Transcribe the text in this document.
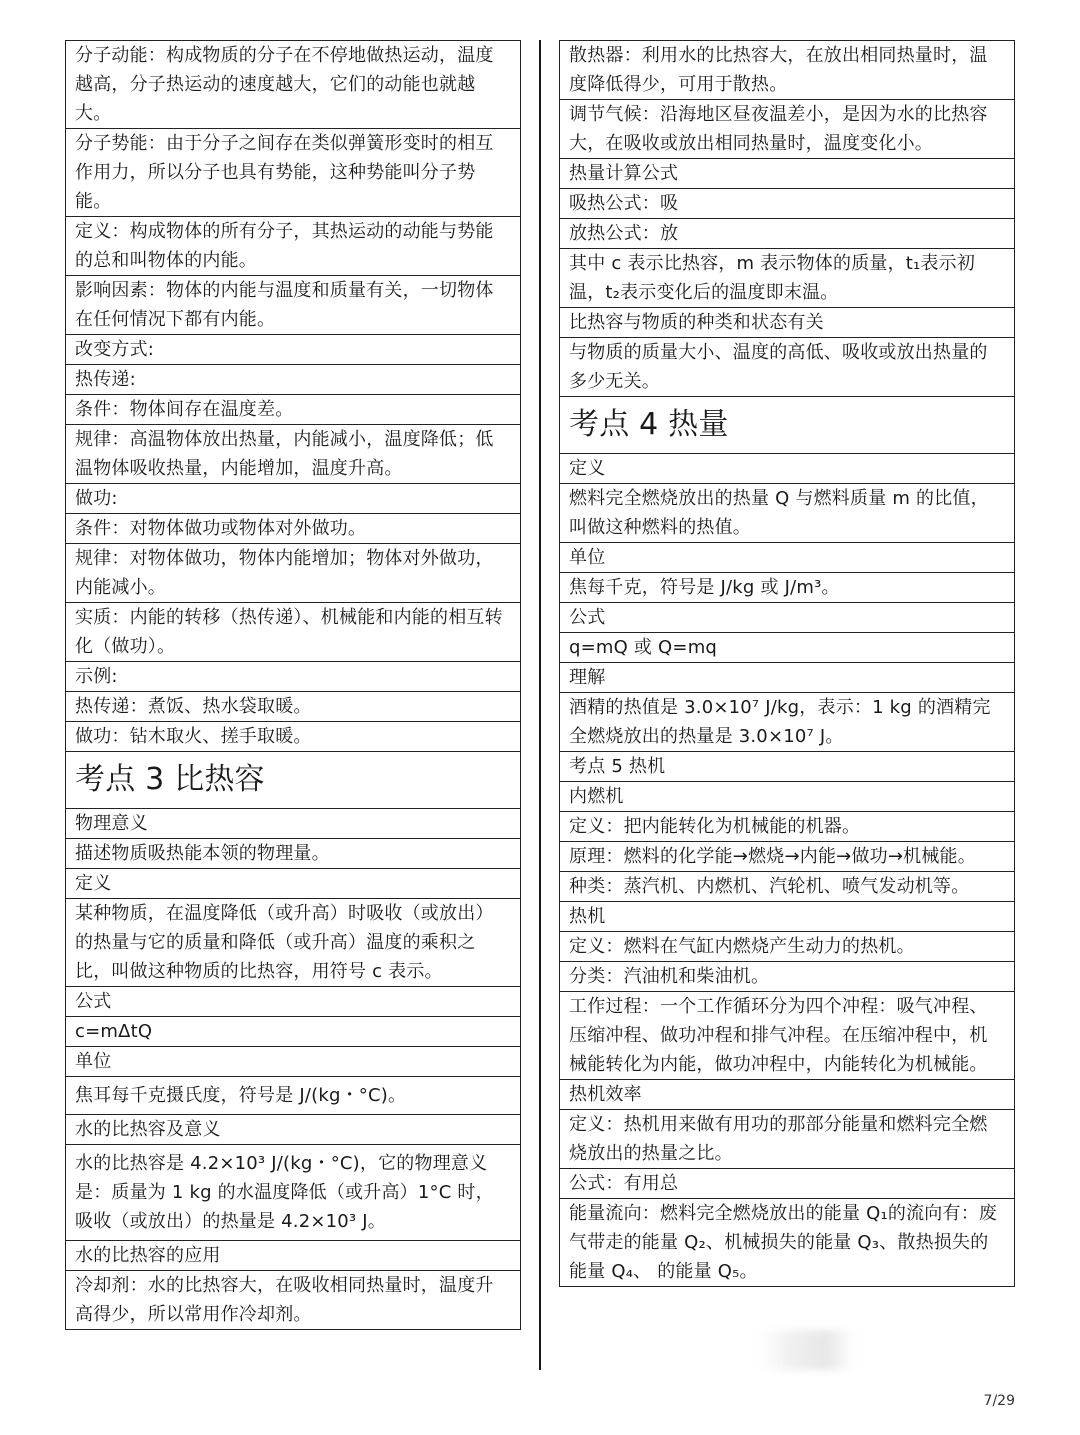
分子动能：构成物质的分子在不停地做热运动，温度越高，分子热运动的速度越大，它们的动能也就越大。
分子势能：由于分子之间存在类似弹簧形变时的相互作用力，所以分子也具有势能，这种势能叫分子势能。
定义：构成物体的所有分子，其热运动的动能与势能的总和叫物体的内能。
影响因素：物体的内能与温度和质量有关，一切物体在任何情况下都有内能。
改变方式:
热传递:
条件：物体间存在温度差。
规律：高温物体放出热量，内能减小，温度降低；低温物体吸收热量，内能增加，温度升高。
做功:
条件：对物体做功或物体对外做功。
规律：对物体做功，物体内能增加；物体对外做功，内能减小。
实质：内能的转移（热传递）、机械能和内能的相互转化（做功）。
示例:
热传递：煮饭、热水袋取暖。
做功：钻木取火、搓手取暖。
考点 3 比热容
物理意义
描述物质吸热能本领的物理量。
定义
某种物质，在温度降低（或升高）时吸收（或放出）的热量与它的质量和降低（或升高）温度的乘积之比，叫做这种物质的比热容，用符号 c 表示。
公式
c=mΔtQ
单位
焦耳每千克摄氏度，符号是 J/(kg・°C)。
水的比热容及意义
水的比热容是 4.2×10³ J/(kg・°C)，它的物理意义是：质量为 1 kg 的水温度降低（或升高）1°C 时，吸收（或放出）的热量是 4.2×10³ J。
水的比热容的应用
冷却剂：水的比热容大，在吸收相同热量时，温度升高得少，所以常用作冷却剂。
散热器：利用水的比热容大，在放出相同热量时，温度降低得少，可用于散热。
调节气候：沿海地区昼夜温差小，是因为水的比热容大，在吸收或放出相同热量时，温度变化小。
热量计算公式
吸热公式：吸
放热公式：放
其中 c 表示比热容，m 表示物体的质量，t₁表示初温，t₂表示变化后的温度即末温。
比热容与物质的种类和状态有关
与物质的质量大小、温度的高低、吸收或放出热量的多少无关。
考点 4 热量
定义
燃料完全燃烧放出的热量 Q 与燃料质量 m 的比值，叫做这种燃料的热值。
单位
焦每千克，符号是 J/kg 或 J/m³。
公式
q=mQ 或 Q=mq
理解
酒精的热值是 3.0×10⁷ J/kg，表示：1 kg 的酒精完全燃烧放出的热量是 3.0×10⁷ J。
考点 5 热机
内燃机
定义：把内能转化为机械能的机器。
原理：燃料的化学能→燃烧→内能→做功→机械能。
种类：蒸汽机、内燃机、汽轮机、喷气发动机等。
热机
定义：燃料在气缸内燃烧产生动力的热机。
分类：汽油机和柴油机。
工作过程：一个工作循环分为四个冲程：吸气冲程、压缩冲程、做功冲程和排气冲程。在压缩冲程中，机械能转化为内能，做功冲程中，内能转化为机械能。
热机效率
定义：热机用来做有用功的那部分能量和燃料完全燃烧放出的热量之比。
公式：有用总
能量流向：燃料完全燃烧放出的能量 Q₁的流向有：废气带走的能量 Q₂、机械损失的能量 Q₃、散热损失的能量 Q₄、 的能量 Q₅。
7/29
